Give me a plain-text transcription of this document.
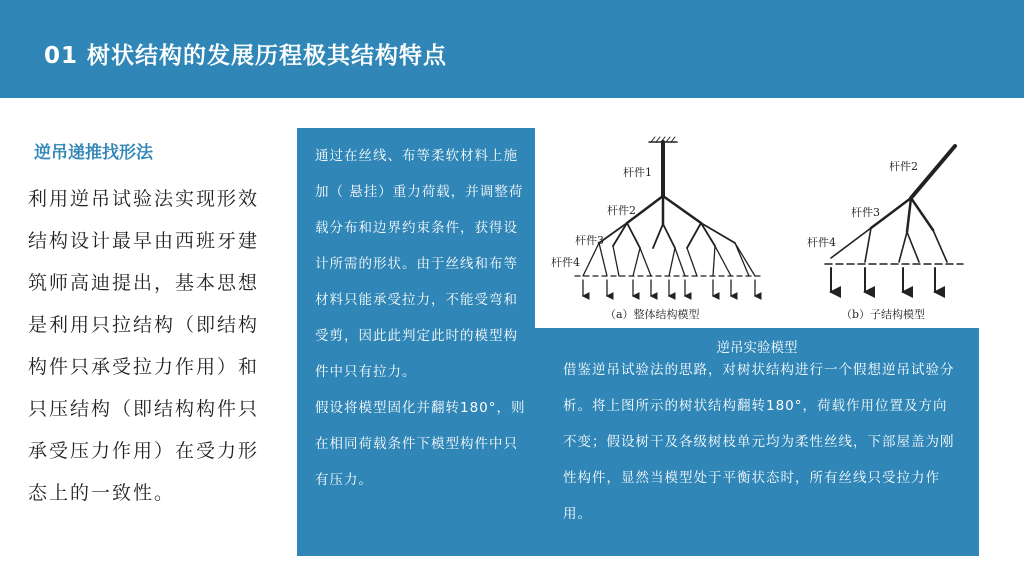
01 树状结构的发展历程极其结构特点
逆吊递推找形法
利用逆吊试验法实现形效结构设计最早由西班牙建筑师高迪提出，基本思想是利用只拉结构（即结构构件只承受拉力作用）和只压结构（即结构构件只承受压力作用）在受力形态上的一致性。
通过在丝线、布等柔软材料上施加（ 悬挂）重力荷载，并调整荷载分布和边界约束条件，获得设计所需的形状。由于丝线和布等材料只能承受拉力，不能受弯和受剪，因此此判定此时的模型构件中只有拉力。
假设将模型固化并翻转180°，则在相同荷载条件下模型构件中只有压力。
杆件1
杆件2
杆件3
杆件4
（a）整体结构模型
杆件2
杆件3
杆件4
（b）子结构模型
逆吊实验模型
借鉴逆吊试验法的思路，对树状结构进行一个假想逆吊试验分析。将上图所示的树状结构翻转180°，荷载作用位置及方向不变；假设树干及各级树枝单元均为柔性丝线，下部屋盖为刚性构件，显然当模型处于平衡状态时，所有丝线只受拉力作用。
